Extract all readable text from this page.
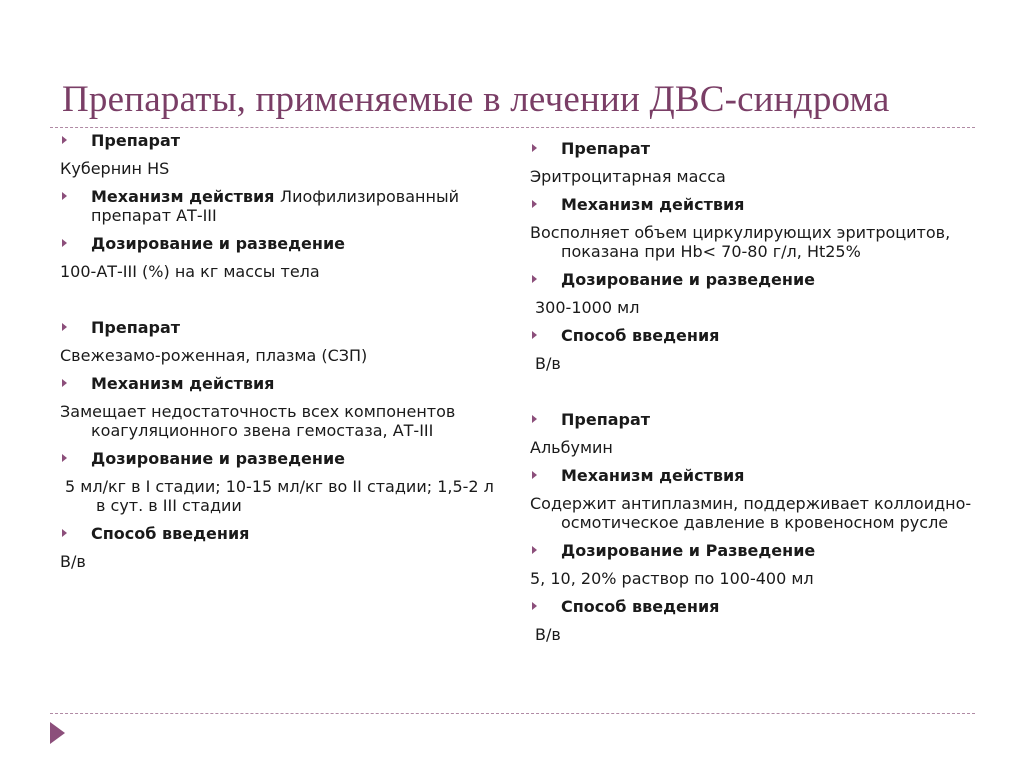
Препараты, применяемые в лечении ДВС-синдрома
Препарат
Кубернин HS
Механизм действия Лиофилизированный препарат АТ-III
Дозирование и разведение
100-АТ-III (%) на кг массы тела
Препарат
Свежезамо-роженная, плазма (СЗП)
Механизм действия
Замещает недостаточность всех компонентов коагуляционного звена гемостаза, АТ-III
Дозирование и разведение
5 мл/кг в I стадии; 10-15 мл/кг во II стадии; 1,5-2 л в сут. в III стадии
Способ введения
В/в
Препарат
Эритроцитарная масса
Механизм действия
Восполняет объем циркулирующих эритроцитов, показана при Hb< 70-80 г/л, Ht25%
Дозирование и разведение
300-1000 мл
Способ введения
В/в
Препарат
Альбумин
Механизм действия
Содержит антиплазмин, поддерживает коллоидно-осмотическое давление в кровеносном русле
Дозирование и Разведение
5, 10, 20% раствор по 100-400 мл
Способ введения
В/в
